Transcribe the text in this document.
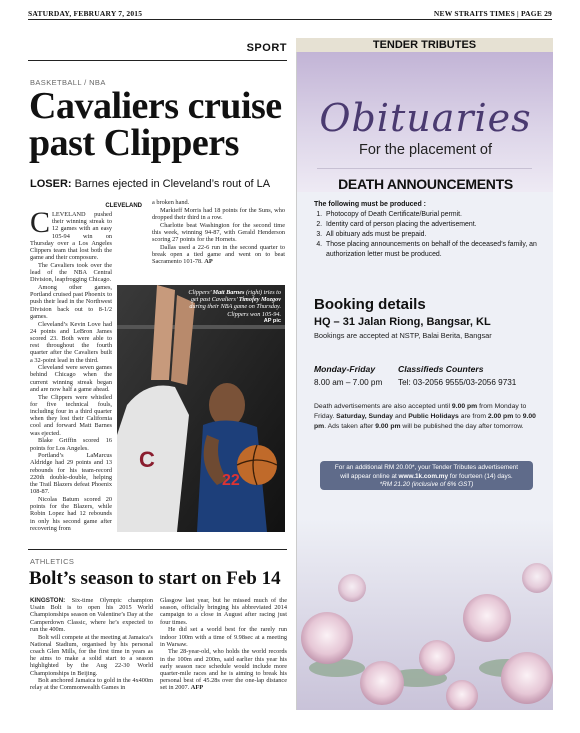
SATURDAY, FEBRUARY 7, 2015	NEW STRAITS TIMES | PAGE 29
SPORT
BASKETBALL / NBA
Cavaliers cruise past Clippers
LOSER: Barnes ejected in Cleveland’s rout of LA
CLEVELAND

CLEVELAND pushed their winning streak to 12 games with an easy 105-94 win on Thursday over a Los Angeles Clippers team that lost both the game and their composure.

The Cavaliers took over the lead of the NBA Central Division, leapfrogging Chicago.

Among other games, Portland cruised past Phoenix to push their lead in the Northwest Division back out to 8-1/2 games.

Cleveland’s Kevin Love had 24 points and LeBron James scored 23. Both were able to rest throughout the fourth quarter after the Cavaliers built a 32-point lead in the third.

Cleveland were seven games behind Chicago when the current winning streak began and are now half a game ahead.

The Clippers were whistled for five technical fouls, including four in a third quarter when they lost their California cool and forward Matt Barnes was ejected.

Blake Griffin scored 16 points for Los Angeles.

Portland’s LaMarcus Aldridge had 29 points and 13 rebounds for his team-record 220th double-double, helping the Trail Blazers defeat Phoenix 108-87.

Nicolas Batum scored 20 points for the Blazers, while Robin Lopez had 12 rebounds in only his second game after recovering from

a broken hand.

Markieff Morris had 18 points for the Suns, who dropped their third in a row.

Charlotte beat Washington for the second time this week, winning 94-87, with Gerald Henderson scoring 27 points for the Hornets.

Dallas used a 22-6 run in the second quarter to break open a tied game and went on to beat Sacramento 101-78. AP

C
22
Clippers’ Matt Barnes (right) tries to get past Cavaliers’ Timofey Mozgov during their NBA game on Thursday. Clippers won 105-94.
AP pic
ATHLETICS
Bolt’s season to start on Feb 14

KINGSTON: Six-time Olympic champion Usain Bolt is to open his 2015 World Championships season on Valentine’s Day at the Camperdown Classic, where he’s expected to run the 400m.

Bolt will compete at the meeting at Jamaica’s National Stadium, organised by his personal coach Glen Mills, for the first time in years as he aims to make a solid start to a season highlighted by the Aug 22-30 World Championships in Beijing.

Bolt anchored Jamaica to gold in the 4x400m relay at the Commonwealth Games in

Glasgow last year, but he missed much of the season, officially bringing his abbreviated 2014 campaign to a close in August after racing just four times.

He did set a world best for the rarely run indoor 100m with a time of 9.98sec at a meeting in Warsaw.

The 28-year-old, who holds the world records in the 100m and 200m, said earlier this year his early season race schedule would include more quarter-mile races and he is aiming to break his personal best of 45.28s over the one-lap distance set in 2007. AFP

Obituaries
For the placement of
DEATH ANNOUNCEMENTS
The following must be produced :
1. Photocopy of Death Certificate/Burial permit.
2. Identity card of person placing the advertisement.
3. All obituary ads must be prepaid.
4. Those placing announcements on behalf of the deceased’s family, an authorization letter must be produced.
Booking details
HQ – 31 Jalan Riong, Bangsar, KL
Bookings are accepted at NSTP, Balai Berita, Bangsar
Monday-Friday
8.00 am – 7.00 pm
Classifieds Counters
Tel: 03-2056 9555/03-2056 9731
Death advertisements are also accepted until 9.00 pm from Monday to Friday. Saturday, Sunday and Public Holidays are from 2.00 pm to 9.00 pm. Ads taken after 9.00 pm will be published the day after tomorrow.
For an additional RM 20.00*, your Tender Tributes advertisement
will appear online at www.1k.com.my for fourteen (14) days.
*RM 21.20 (inclusive of 6% GST)
TENDER TRIBUTES
